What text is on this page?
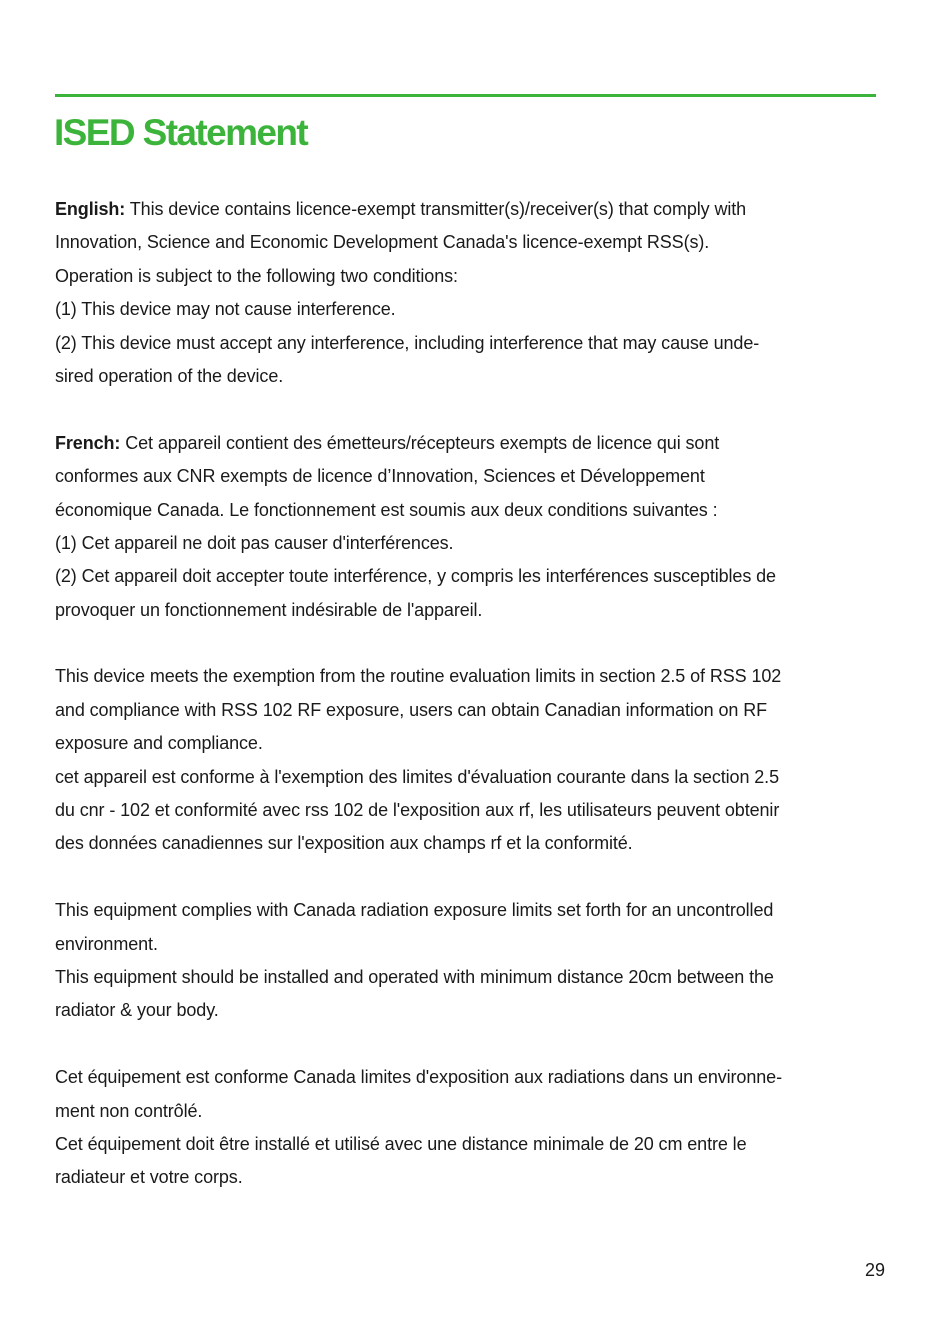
ISED Statement
English: This device contains licence-exempt transmitter(s)/receiver(s) that comply with
Innovation, Science and Economic Development Canada's licence-exempt RSS(s).
Operation is subject to the following two conditions:
(1) This device may not cause interference.
(2) This device must accept any interference, including interference that may cause unde-
sired operation of the device.
French: Cet appareil contient des émetteurs/récepteurs exempts de licence qui sont
conformes aux CNR exempts de licence d’Innovation, Sciences et Développement
économique Canada. Le fonctionnement est soumis aux deux conditions suivantes :
(1) Cet appareil ne doit pas causer d'interférences.
(2) Cet appareil doit accepter toute interférence, y compris les interférences susceptibles de
provoquer un fonctionnement indésirable de l'appareil.
This device meets the exemption from the routine evaluation limits in section 2.5 of RSS 102
and compliance with RSS 102 RF exposure, users can obtain Canadian information on RF
exposure and compliance.
cet appareil est conforme à l'exemption des limites d'évaluation courante dans la section 2.5
du cnr - 102 et conformité avec rss 102 de l'exposition aux rf, les utilisateurs peuvent obtenir
des données canadiennes sur l'exposition aux champs rf et la conformité.
This equipment complies with Canada radiation exposure limits set forth for an uncontrolled
environment.
This equipment should be installed and operated with minimum distance 20cm between the
radiator & your body.
Cet équipement est conforme Canada limites d'exposition aux radiations dans un environne-
ment non contrôlé.
Cet équipement doit être installé et utilisé avec une distance minimale de 20 cm entre le
radiateur et votre corps.
29
